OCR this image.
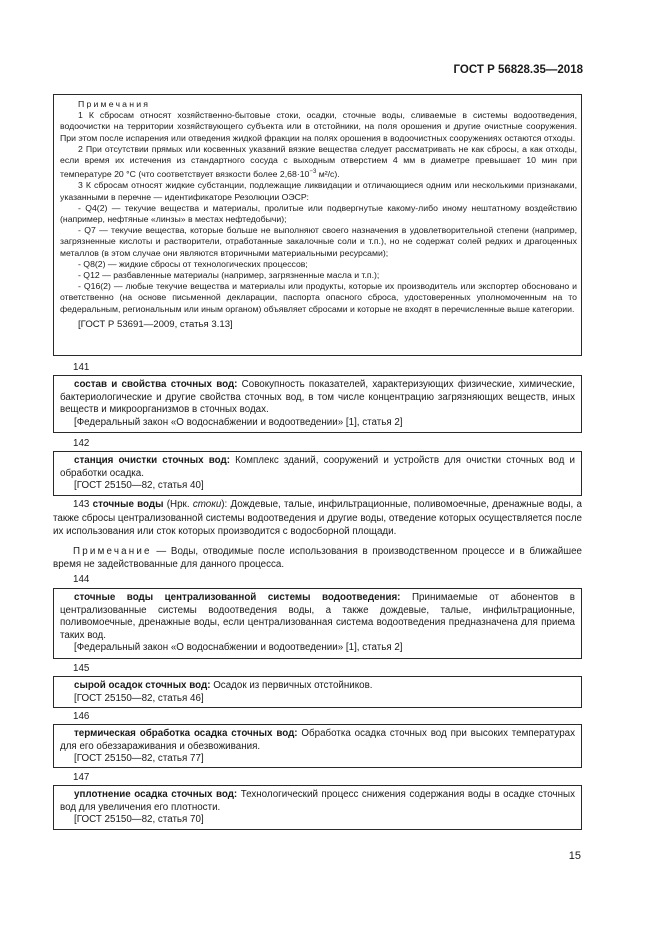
ГОСТ Р 56828.35—2018

Примечания

1 К сбросам относят хозяйственно-бытовые стоки, осадки, сточные воды, сливаемые в системы водоотведения, водоочистки на территории хозяйствующего субъекта или в отстойники, на поля орошения и другие очистные сооружения. При этом после испарения или отведения жидкой фракции на полях орошения в водоочистных сооружениях остаются отходы.

2 При отсутствии прямых или косвенных указаний вязкие вещества следует рассматривать не как сбросы, а как отходы, если время их истечения из стандартного сосуда с выходным отверстием 4 мм в диаметре превышает 10 мин при температуре 20 °С (что соответствует вязкости более $2,68\cdot 10^{-3}$ м²/с).

3 К сбросам относят жидкие субстанции, подлежащие ликвидации и отличающиеся одним или несколькими признаками, указанными в перечне — идентификаторе Резолюции ОЭСР:

- Q4(2) — текучие вещества и материалы, пролитые или подвергнутые какому-либо иному нештатному воздействию (например, нефтяные «линзы» в местах нефтедобычи);

- Q7 — текучие вещества, которые больше не выполняют своего назначения в удовлетворительной степени (например, загрязненные кислоты и растворители, отработанные закалочные соли и т.п.), но не содержат солей редких и драгоценных металлов (в этом случае они являются вторичными материальными ресурсами);

- Q8(2) — жидкие сбросы от технологических процессов;

- Q12 — разбавленные материалы (например, загрязненные масла и т.п.);

- Q16(2) — любые текучие вещества и материалы или продукты, которые их производитель или экспортер обосновано и ответственно (на основе письменной декларации, паспорта опасного сброса, удостоверенных уполномоченным на то федеральным, региональным или иным органом) объявляет сбросами и которые не входят в перечисленные выше категории.

[ГОСТ Р 53691—2009, статья 3.13]

141

состав и свойства сточных вод: Совокупность показателей, характеризующих физические, химические, бактериологические и другие свойства сточных вод, в том числе концентрацию загрязняющих веществ, иных веществ и микроорганизмов в сточных водах.

[Федеральный закон «О водоснабжении и водоотведении» [1], статья 2]

142

станция очистки сточных вод: Комплекс зданий, сооружений и устройств для очистки сточных вод и обработки осадка.

[ГОСТ 25150—82, статья 40]

143 сточные воды (Нрк. стоки): Дождевые, талые, инфильтрационные, поливомоечные, дренажные воды, а также сбросы централизованной системы водоотведения и другие воды, отведение которых осуществляется после их использования или сток которых производится с водосборной площади.

Примечание — Воды, отводимые после использования в производственном процессе и в ближайшее время не задействованные для данного процесса.

144

сточные воды централизованной системы водоотведения: Принимаемые от абонентов в централизованные системы водоотведения воды, а также дождевые, талые, инфильтрационные, поливомоечные, дренажные воды, если централизованная система водоотведения предназначена для приема таких вод.

[Федеральный закон «О водоснабжении и водоотведении» [1], статья 2]

145

сырой осадок сточных вод: Осадок из первичных отстойников.

[ГОСТ 25150—82, статья 46]

146

термическая обработка осадка сточных вод: Обработка осадка сточных вод при высоких температурах для его обеззараживания и обезвоживания.

[ГОСТ 25150—82, статья 77]

147

уплотнение осадка сточных вод: Технологический процесс снижения содержания воды в осадке сточных вод для увеличения его плотности.

[ГОСТ 25150—82, статья 70]

15
